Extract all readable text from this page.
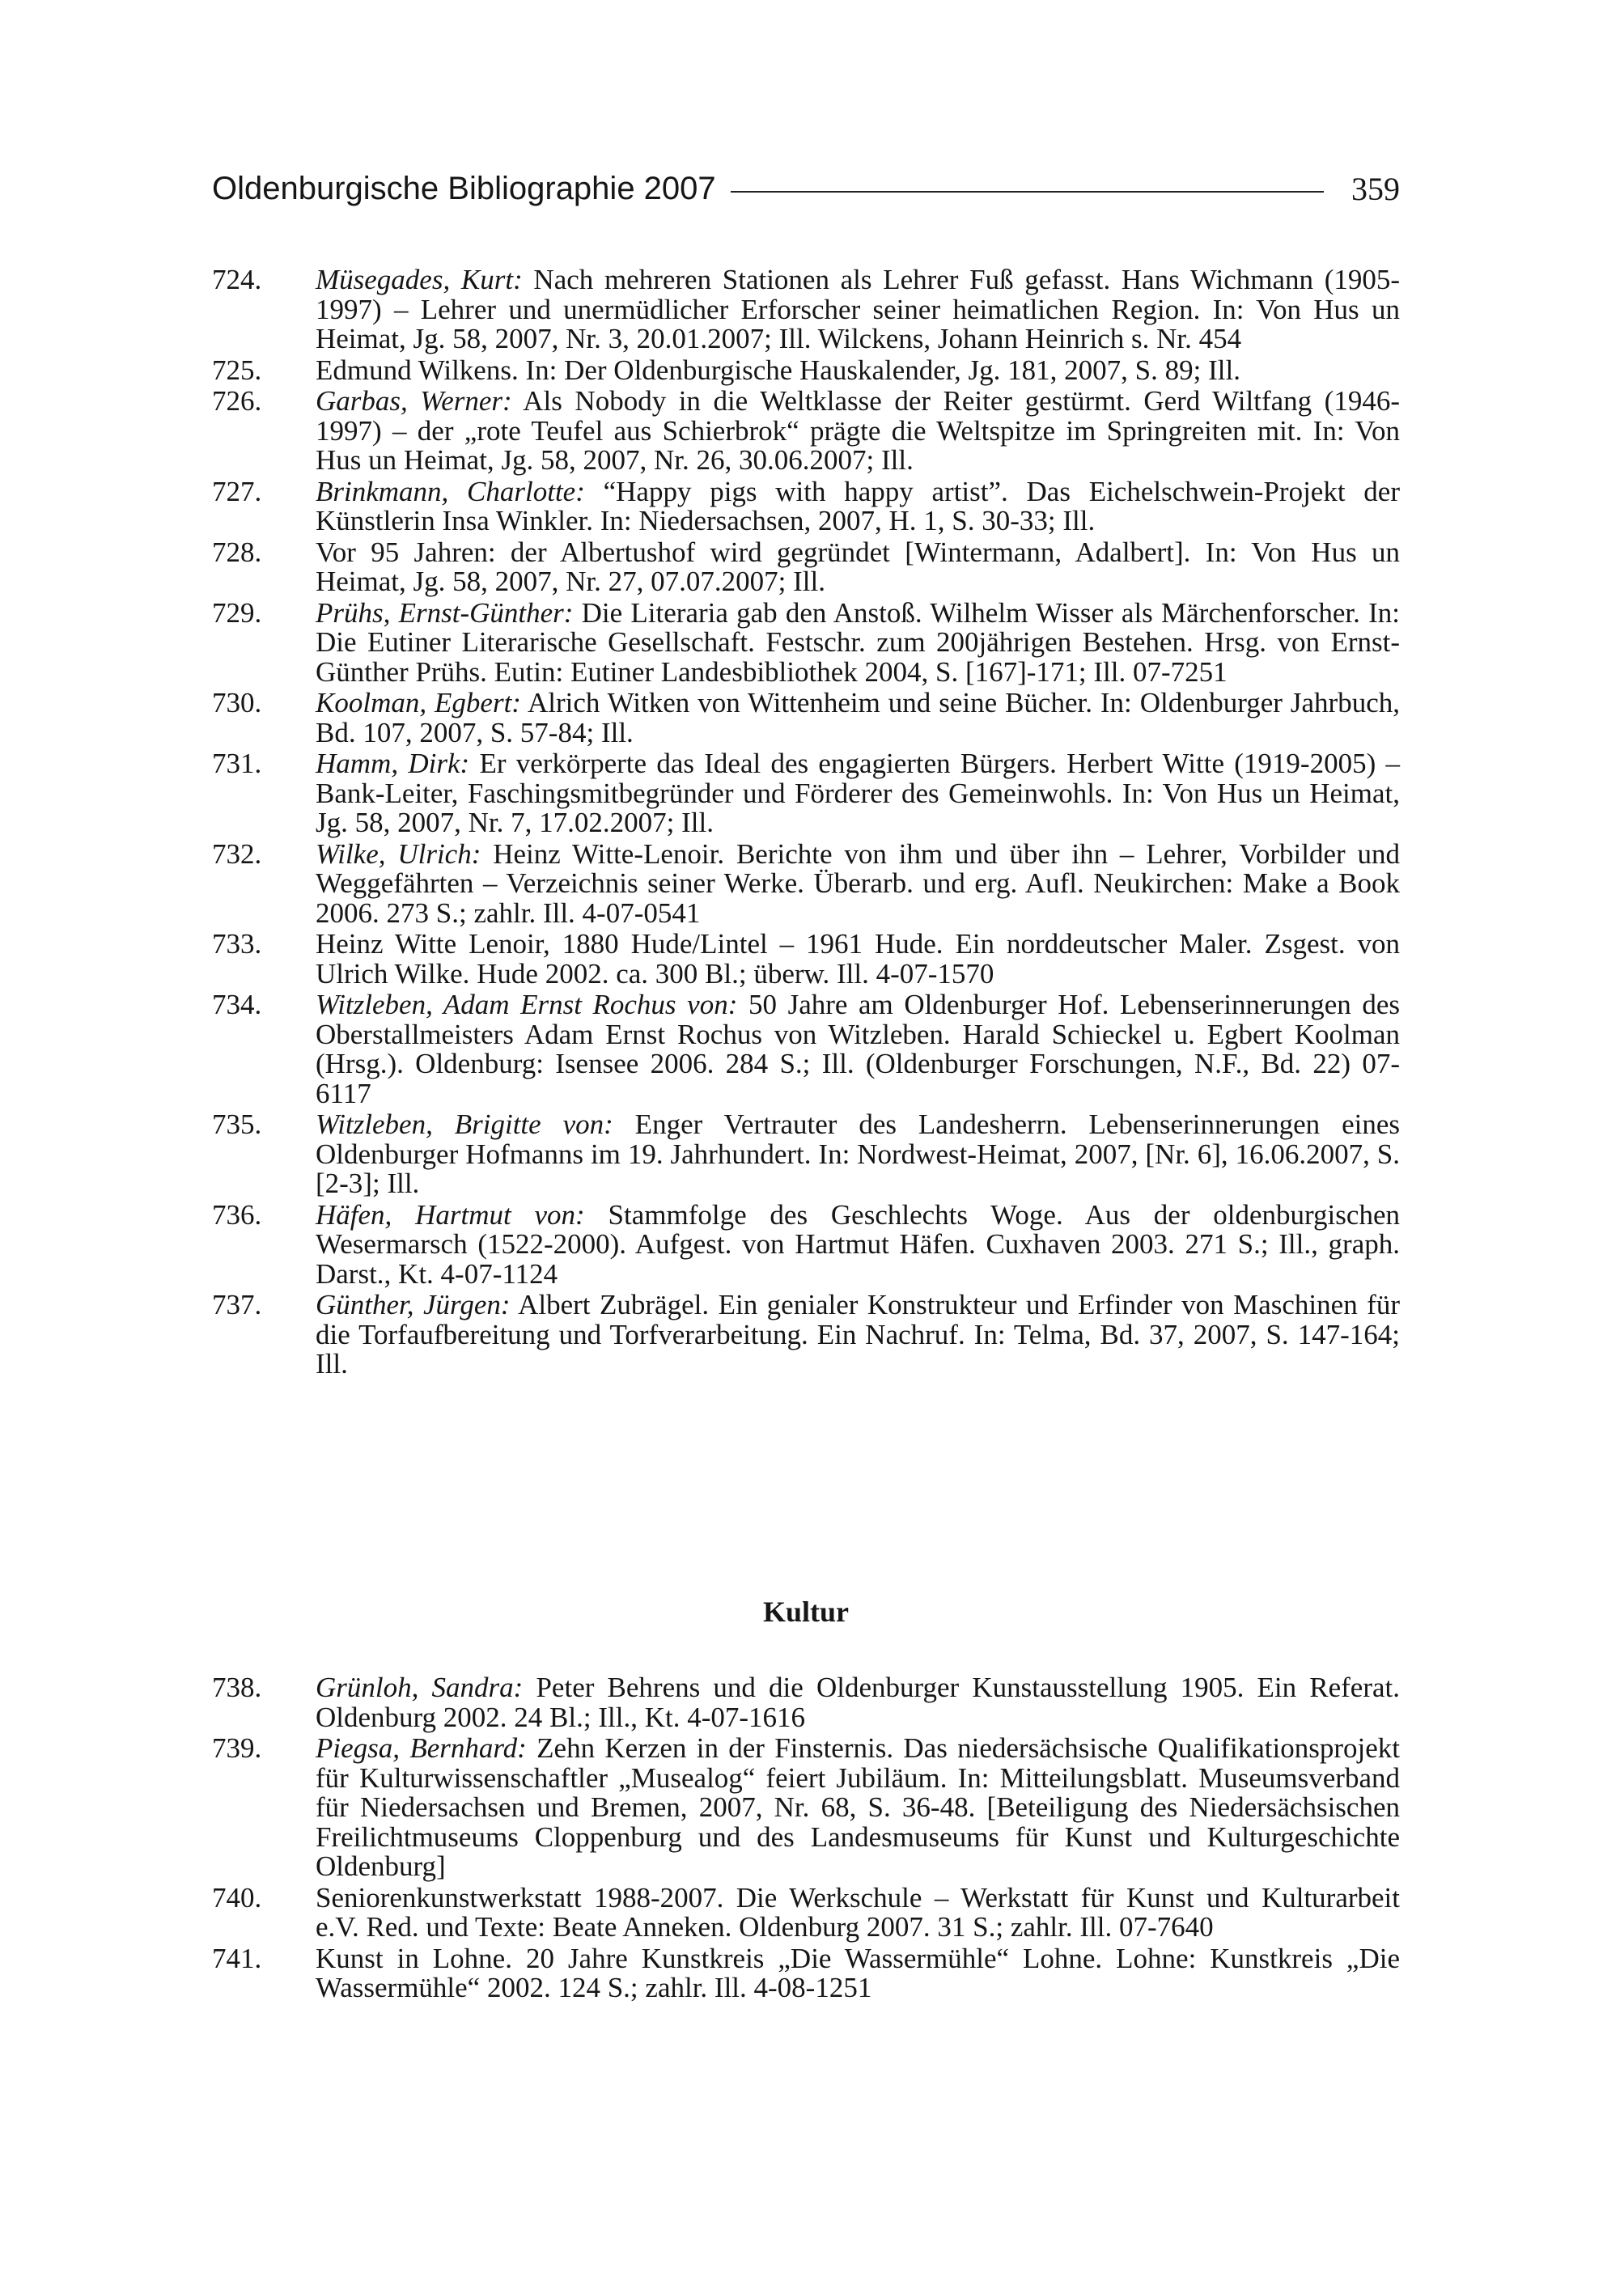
Oldenburgische Bibliographie 2007	359
724.	Müsegades, Kurt: Nach mehreren Stationen als Lehrer Fuß gefasst. Hans Wichmann (1905-1997) – Lehrer und unermüdlicher Erforscher seiner heimatlichen Region. In: Von Hus un Heimat, Jg. 58, 2007, Nr. 3, 20.01.2007; Ill. Wilckens, Johann Heinrich s. Nr. 454
725.	Edmund Wilkens. In: Der Oldenburgische Hauskalender, Jg. 181, 2007, S. 89; Ill.
726.	Garbas, Werner: Als Nobody in die Weltklasse der Reiter gestürmt. Gerd Wiltfang (1946-1997) – der „rote Teufel aus Schierbrok“ prägte die Weltspitze im Springreiten mit. In: Von Hus un Heimat, Jg. 58, 2007, Nr. 26, 30.06.2007; Ill.
727.	Brinkmann, Charlotte: “Happy pigs with happy artist”. Das Eichelschwein-Projekt der Künstlerin Insa Winkler. In: Niedersachsen, 2007, H. 1, S. 30-33; Ill.
728.	Vor 95 Jahren: der Albertushof wird gegründet [Wintermann, Adalbert]. In: Von Hus un Heimat, Jg. 58, 2007, Nr. 27, 07.07.2007; Ill.
729.	Prühs, Ernst-Günther: Die Literaria gab den Anstoß. Wilhelm Wisser als Märchenforscher. In: Die Eutiner Literarische Gesellschaft. Festschr. zum 200jährigen Bestehen. Hrsg. von Ernst-Günther Prühs. Eutin: Eutiner Landesbibliothek 2004, S. [167]-171; Ill. 07-7251
730.	Koolman, Egbert: Alrich Witken von Wittenheim und seine Bücher. In: Oldenburger Jahrbuch, Bd. 107, 2007, S. 57-84; Ill.
731.	Hamm, Dirk: Er verkörperte das Ideal des engagierten Bürgers. Herbert Witte (1919-2005) – Bank-Leiter, Faschingsmitbegründer und Förderer des Gemeinwohls. In: Von Hus un Heimat, Jg. 58, 2007, Nr. 7, 17.02.2007; Ill.
732.	Wilke, Ulrich: Heinz Witte-Lenoir. Berichte von ihm und über ihn – Lehrer, Vorbilder und Weggefährten – Verzeichnis seiner Werke. Überarb. und erg. Aufl. Neukirchen: Make a Book 2006. 273 S.; zahlr. Ill. 4-07-0541
733.	Heinz Witte Lenoir, 1880 Hude/Lintel – 1961 Hude. Ein norddeutscher Maler. Zsgest. von Ulrich Wilke. Hude 2002. ca. 300 Bl.; überw. Ill. 4-07-1570
734.	Witzleben, Adam Ernst Rochus von: 50 Jahre am Oldenburger Hof. Lebenserinnerungen des Oberstallmeisters Adam Ernst Rochus von Witzleben. Harald Schieckel u. Egbert Koolman (Hrsg.). Oldenburg: Isensee 2006. 284 S.; Ill. (Oldenburger Forschungen, N.F., Bd. 22) 07-6117
735.	Witzleben, Brigitte von: Enger Vertrauter des Landesherrn. Lebenserinnerungen eines Oldenburger Hofmanns im 19. Jahrhundert. In: Nordwest-Heimat, 2007, [Nr. 6], 16.06.2007, S. [2-3]; Ill.
736.	Häfen, Hartmut von: Stammfolge des Geschlechts Woge. Aus der oldenburgischen Wesermarsch (1522-2000). Aufgest. von Hartmut Häfen. Cuxhaven 2003. 271 S.; Ill., graph. Darst., Kt. 4-07-1124
737.	Günther, Jürgen: Albert Zubrägel. Ein genialer Konstrukteur und Erfinder von Maschinen für die Torfaufbereitung und Torfverarbeitung. Ein Nachruf. In: Telma, Bd. 37, 2007, S. 147-164; Ill.
Kultur
738.	Grünloh, Sandra: Peter Behrens und die Oldenburger Kunstausstellung 1905. Ein Referat. Oldenburg 2002. 24 Bl.; Ill., Kt. 4-07-1616
739.	Piegsa, Bernhard: Zehn Kerzen in der Finsternis. Das niedersächsische Qualifikationsprojekt für Kulturwissenschaftler „Musealog“ feiert Jubiläum. In: Mitteilungsblatt. Museumsverband für Niedersachsen und Bremen, 2007, Nr. 68, S. 36-48. [Beteiligung des Niedersächsischen Freilichtmuseums Cloppenburg und des Landesmuseums für Kunst und Kulturgeschichte Oldenburg]
740.	Seniorenkunstwerkstatt 1988-2007. Die Werkschule – Werkstatt für Kunst und Kulturarbeit e.V. Red. und Texte: Beate Anneken. Oldenburg 2007. 31 S.; zahlr. Ill. 07-7640
741.	Kunst in Lohne. 20 Jahre Kunstkreis „Die Wassermühle“ Lohne. Lohne: Kunstkreis „Die Wassermühle“ 2002. 124 S.; zahlr. Ill. 4-08-1251
